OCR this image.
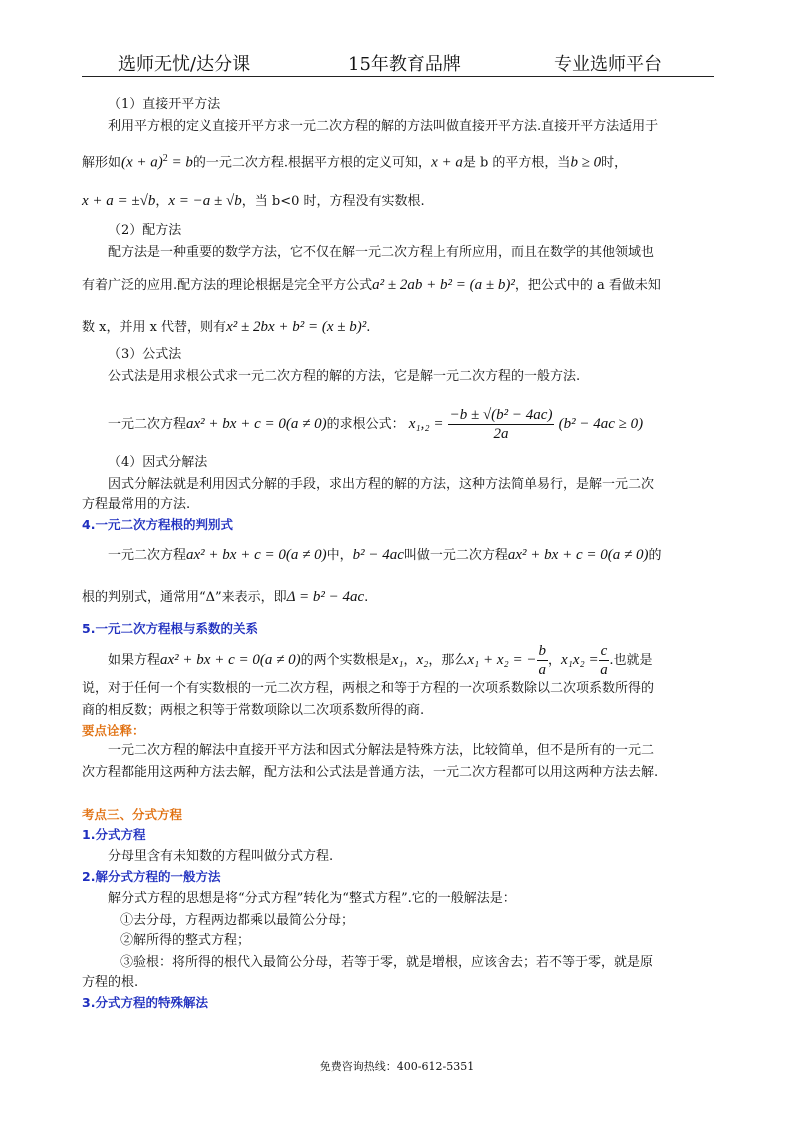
选师无忧/达分课	15年教育品牌	专业选师平台
（1）直接开平方法
利用平方根的定义直接开平方求一元二次方程的解的方法叫做直接开平方法.直接开平方法适用于
解形如$(x + a)^2 = b$的一元二次方程.根据平方根的定义可知，x + a是 b 的平方根，当b ≥ 0时，
x + a = ±√b，x = −a ± √b，当 b<0 时，方程没有实数根.
（2）配方法
配方法是一种重要的数学方法，它不仅在解一元二次方程上有所应用，而且在数学的其他领域也
有着广泛的应用.配方法的理论根据是完全平方公式a² ± 2ab + b² = (a ± b)²，把公式中的 a 看做未知
数 x，并用 x 代替，则有x² ± 2bx + b² = (x ± b)².
（3）公式法
公式法是用求根公式求一元二次方程的解的方法，它是解一元二次方程的一般方法.
一元二次方程ax² + bx + c = 0(a ≠ 0)的求根公式： $x_1,_2 = \frac{\text{−b ± √(b² − 4ac)}}{2a} (b^2 - 4ac \ge 0)$
（4）因式分解法
因式分解法就是利用因式分解的手段，求出方程的解的方法，这种方法简单易行，是解一元二次
方程最常用的方法.
4.一元二次方程根的判别式
一元二次方程ax² + bx + c = 0(a ≠ 0)中，b² − 4ac叫做一元二次方程ax² + bx + c = 0(a ≠ 0)的
根的判别式，通常用“Δ”来表示，即Δ = b² − 4ac.
5.一元二次方程根与系数的关系
如果方程ax² + bx + c = 0(a ≠ 0)的两个实数根是x₁，x₂，那么x₁ + x₂ = − $\frac{b}{a}$ ，$x_1x_2 = \frac{c}{a}$ .也就是
说，对于任何一个有实数根的一元二次方程，两根之和等于方程的一次项系数除以二次项系数所得的
商的相反数；两根之积等于常数项除以二次项系数所得的商.
要点诠释：
一元二次方程的解法中直接开平方法和因式分解法是特殊方法，比较简单，但不是所有的一元二
次方程都能用这两种方法去解，配方法和公式法是普通方法，一元二次方程都可以用这两种方法去解.
考点三、分式方程
1.分式方程
分母里含有未知数的方程叫做分式方程.
2.解分式方程的一般方法
解分式方程的思想是将“分式方程”转化为“整式方程”.它的一般解法是：
①去分母，方程两边都乘以最简公分母；
②解所得的整式方程；
③验根：将所得的根代入最简公分母，若等于零，就是增根，应该舍去；若不等于零，就是原
方程的根.
3.分式方程的特殊解法
免费咨询热线：400-612-5351
